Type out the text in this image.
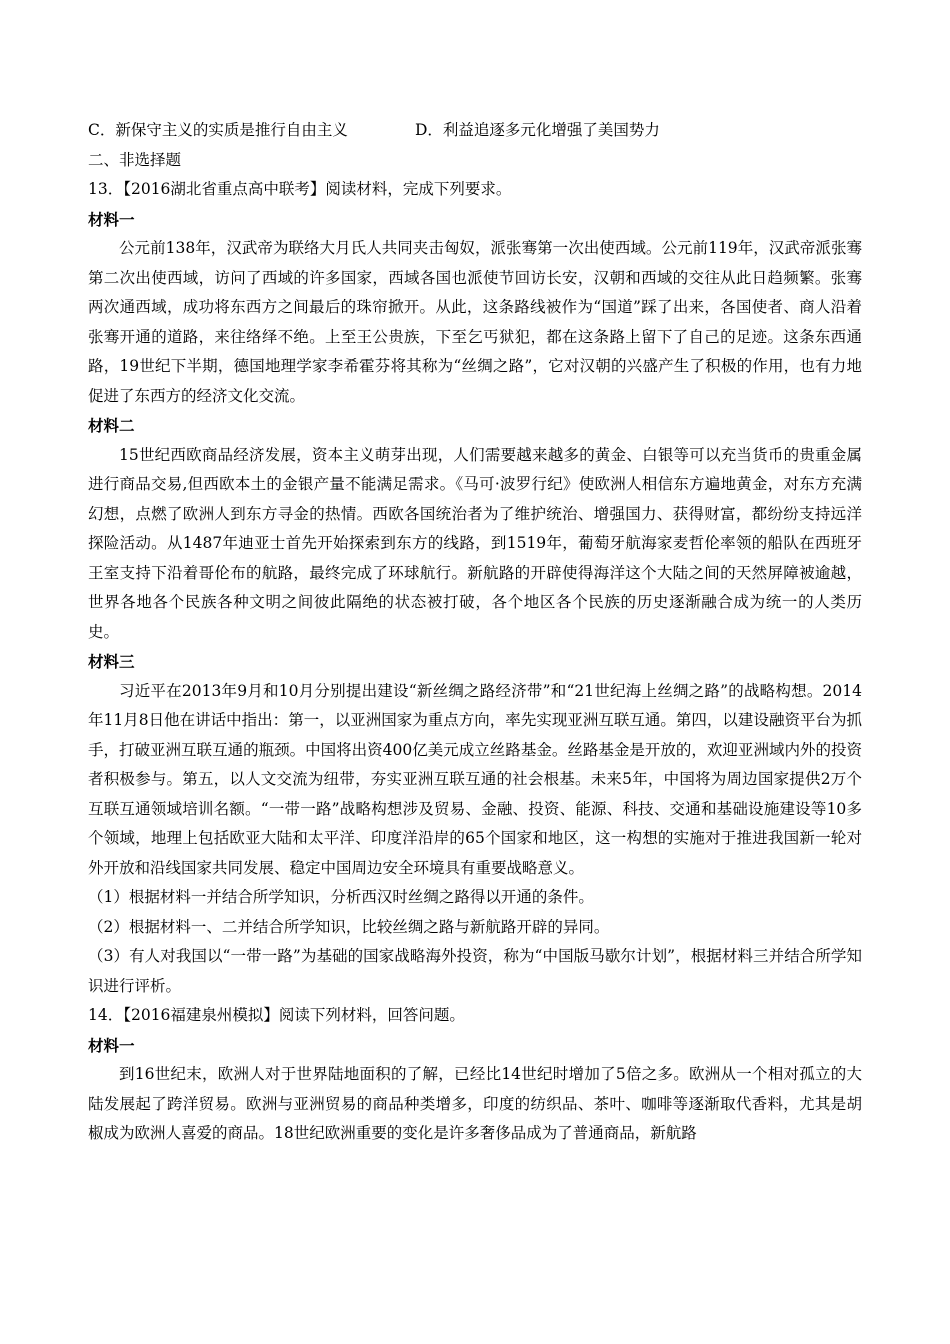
C．新保守主义的实质是推行自由主义	D．利益追逐多元化增强了美国势力
二、非选择题
13．【2016湖北省重点高中联考】阅读材料，完成下列要求。
材料一

公元前138年，汉武帝为联络大月氏人共同夹击匈奴，派张骞第一次出使西域。公元前119年，汉武帝派张骞第二次出使西域，访问了西域的许多国家，西域各国也派使节回访长安，汉朝和西域的交往从此日趋频繁。张骞两次通西域，成功将东西方之间最后的珠帘掀开。从此，这条路线被作为“国道”踩了出来，各国使者、商人沿着张骞开通的道路，来往络绎不绝。上至王公贵族，下至乞丐狱犯，都在这条路上留下了自己的足迹。这条东西通路，19世纪下半期，德国地理学家李希霍芬将其称为“丝绸之路”，它对汉朝的兴盛产生了积极的作用，也有力地促进了东西方的经济文化交流。

材料二

15世纪西欧商品经济发展，资本主义萌芽出现，人们需要越来越多的黄金、白银等可以充当货币的贵重金属进行商品交易,但西欧本土的金银产量不能满足需求。《马可·波罗行纪》使欧洲人相信东方遍地黄金，对东方充满幻想，点燃了欧洲人到东方寻金的热情。西欧各国统治者为了维护统治、增强国力、获得财富，都纷纷支持远洋探险活动。从1487年迪亚士首先开始探索到东方的线路，到1519年，葡萄牙航海家麦哲伦率领的船队在西班牙王室支持下沿着哥伦布的航路，最终完成了环球航行。新航路的开辟使得海洋这个大陆之间的天然屏障被逾越，世界各地各个民族各种文明之间彼此隔绝的状态被打破，各个地区各个民族的历史逐渐融合成为统一的人类历史。

材料三

习近平在2013年9月和10月分别提出建设“新丝绸之路经济带”和“21世纪海上丝绸之路”的战略构想。2014年11月8日他在讲话中指出：第一，以亚洲国家为重点方向，率先实现亚洲互联互通。第四，以建设融资平台为抓手，打破亚洲互联互通的瓶颈。中国将出资400亿美元成立丝路基金。丝路基金是开放的，欢迎亚洲域内外的投资者积极参与。第五，以人文交流为纽带，夯实亚洲互联互通的社会根基。未来5年，中国将为周边国家提供2万个互联互通领域培训名额。“一带一路”战略构想涉及贸易、金融、投资、能源、科技、交通和基础设施建设等10多个领域，地理上包括欧亚大陆和太平洋、印度洋沿岸的65个国家和地区，这一构想的实施对于推进我国新一轮对外开放和沿线国家共同发展、稳定中国周边安全环境具有重要战略意义。

（1）根据材料一并结合所学知识，分析西汉时丝绸之路得以开通的条件。

（2）根据材料一、二并结合所学知识，比较丝绸之路与新航路开辟的异同。

（3）有人对我国以“一带一路”为基础的国家战略海外投资，称为“中国版马歇尔计划”，根据材料三并结合所学知识进行评析。

14．【2016福建泉州模拟】阅读下列材料，回答问题。
材料一

到16世纪末，欧洲人对于世界陆地面积的了解，已经比14世纪时增加了5倍之多。欧洲从一个相对孤立的大陆发展起了跨洋贸易。欧洲与亚洲贸易的商品种类增多，印度的纺织品、茶叶、咖啡等逐渐取代香料，尤其是胡椒成为欧洲人喜爱的商品。18世纪欧洲重要的变化是许多奢侈品成为了普通商品，新航路
